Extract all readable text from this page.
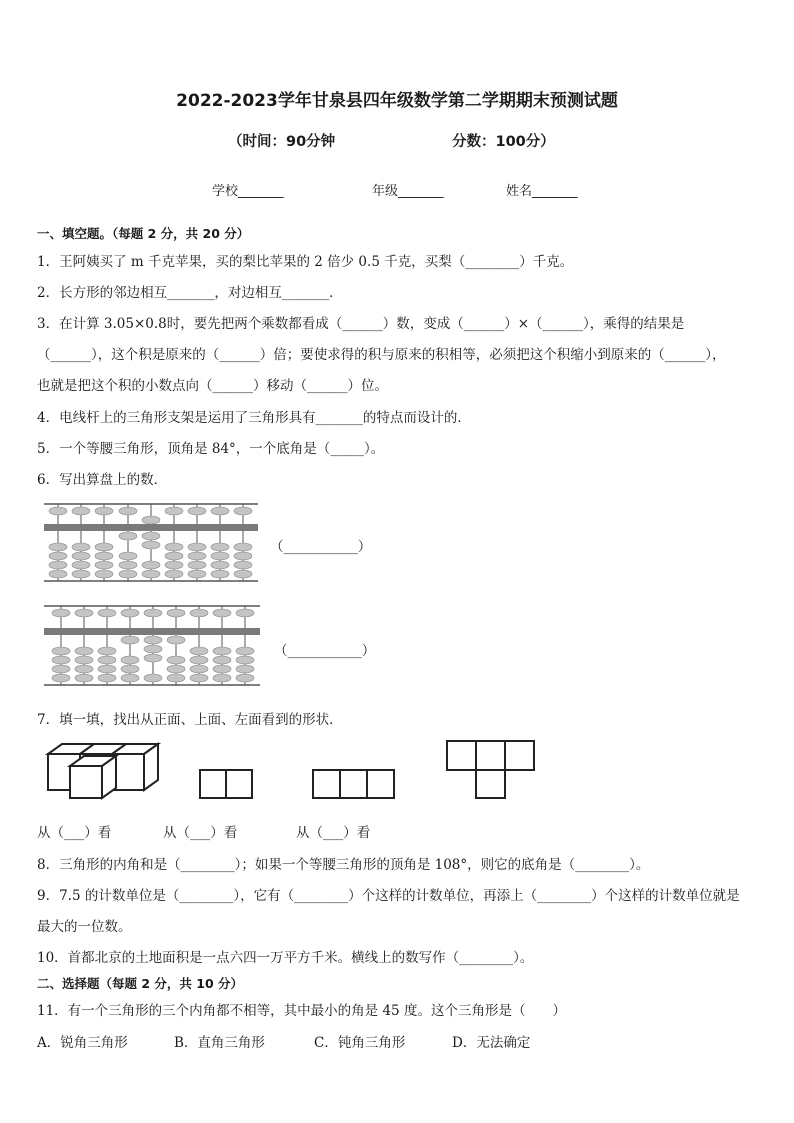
2022-2023学年甘泉县四年级数学第二学期期末预测试题
（时间：90分钟	分数：100分）
学校_______	年级_______	姓名_______
一、填空题。（每题 2 分，共 20 分）
1．王阿姨买了 m 千克苹果，买的梨比苹果的 2 倍少 0.5 千克，买梨（________）千克。
2．长方形的邻边相互_______，对边相互_______．
3．在计算 3.05×0.8时，要先把两个乘数都看成（______）数，变成（______）×（______），乘得的结果是
（______），这个积是原来的（______）倍；要使求得的积与原来的积相等，必须把这个积缩小到原来的（______），
也就是把这个积的小数点向（______）移动（______）位。
4．电线杆上的三角形支架是运用了三角形具有_______的特点而设计的．
5．一个等腰三角形，顶角是 84°，一个底角是（_____）。
6．写出算盘上的数．
（___________）
（___________）
7．填一填，找出从正面、上面、左面看到的形状．
从（___）看	从（___）看	从（___）看
8．三角形的内角和是（________）；如果一个等腰三角形的顶角是 108°，则它的底角是（________）。
9．7.5 的计数单位是（________），它有（________）个这样的计数单位，再添上（________）个这样的计数单位就是
最大的一位数。
10．首都北京的土地面积是一点六四一万平方千米。横线上的数写作（________）。
二、选择题（每题 2 分，共 10 分）
11．有一个三角形的三个内角都不相等，其中最小的角是 45 度。这个三角形是（　　）
A．锐角三角形	B．直角三角形	C．钝角三角形	D．无法确定
